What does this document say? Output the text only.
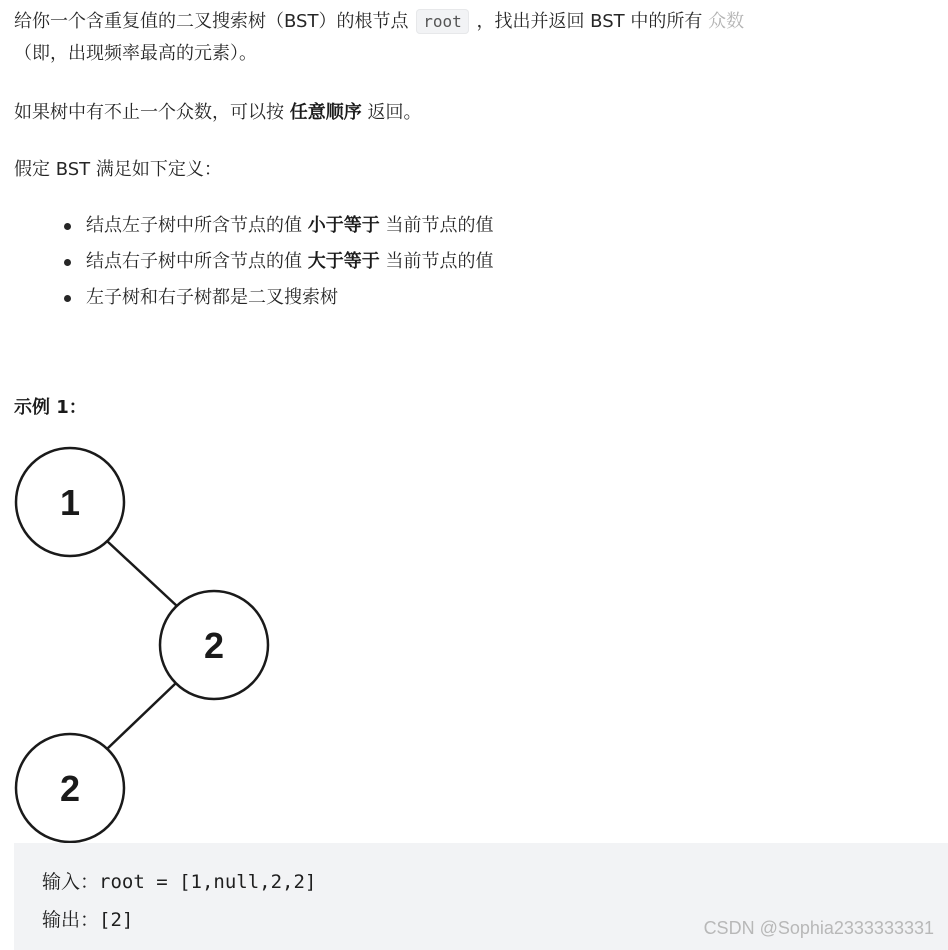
给你一个含重复值的二叉搜索树（BST）的根节点 root ，找出并返回 BST 中的所有 众数

（即，出现频率最高的元素）。

如果树中有不止一个众数，可以按 任意顺序 返回。

假定 BST 满足如下定义：

结点左子树中所含节点的值 小于等于 当前节点的值
结点右子树中所含节点的值 大于等于 当前节点的值
左子树和右子树都是二叉搜索树
示例 1：
1
2
2
输入：root = [1,null,2,2]
输出：[2]	CSDN @Sophia2333333331
